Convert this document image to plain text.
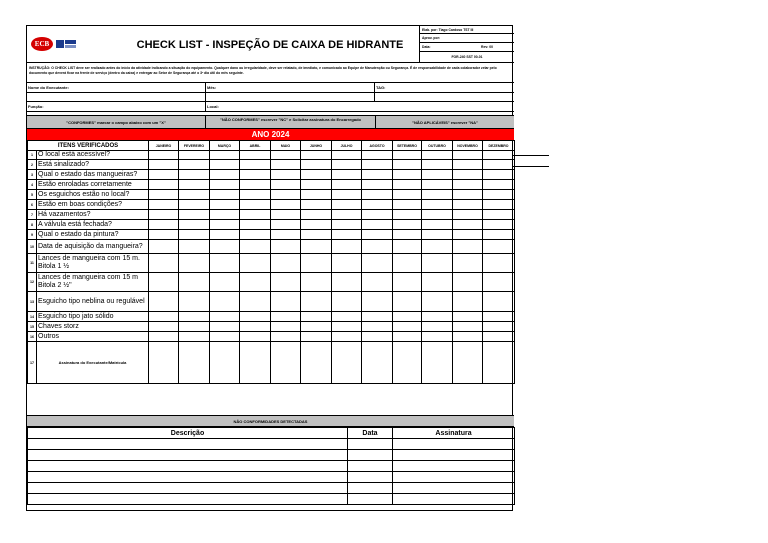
ECB	CHECK LIST - INSPEÇÃO DE CAIXA DE HIDRANTE
Elab. por: Tiago Cardoso TST III
Aprov. por:
Data:	Rev: 00
FOR-240 SST 00-01
INSTRUÇÃO: O CHECK LIST deve ser realizado antes do início da atividade indicando a situação do equipamento. Qualquer dano ou irregularidade, deve ser relatado, de imediato, e comunicado ao Equipe de Manutenção ou Segurança. É de responsabilidade de cada colaborador zelar pelo documento que deverá ficar na frente de serviço (dentro da caixa) e entregar ao Setor de Segurança até o 3º dia útil do mês seguinte.
Nome do Executante:	Mês:	TAG:
Função:	Local:
"CONFORMES" marcar o campo abaixo com um "X"
"NÃO CONFORMES" escrever "NC" e Solicitar assinatura do Encarregado
"NÃO APLICÁVEIS" escrever "NA"
ANO 2024
ITENS VERIFICADOS		JANEIRO	FEVEREIRO	MARÇO	ABRIL	MAIO	JUNHO	JULHO	AGOSTO	SETEMBRO	OUTUBRO	NOVEMBRO	DEZEMBRO
1	O local está acessível?												
2	Está sinalizado?												
3	Qual o estado das mangueiras?												
4	Estão enroladas corretamente												
5	Os esguichos estão no local?												
6	Estão em boas condições?												
7	Há vazamentos?												
8	A válvula está fechada?												
9	Qual o estado da pintura?												
10	Data de aquisição da mangueira?												
11	Lances de mangueira com 15 m. Bitola 1 ½												
12	Lances de mangueira com 15 m Bitola 2 ½"												
13	Esguicho tipo neblina ou regulável												
14	Esguicho tipo jato sólido												
15	Chaves storz												
16	Outros												
17	Assinatura do Executante/Matrícula												
NÃO CONFORMIDADES DETECTADAS
Descrição	Data	Assinatura
